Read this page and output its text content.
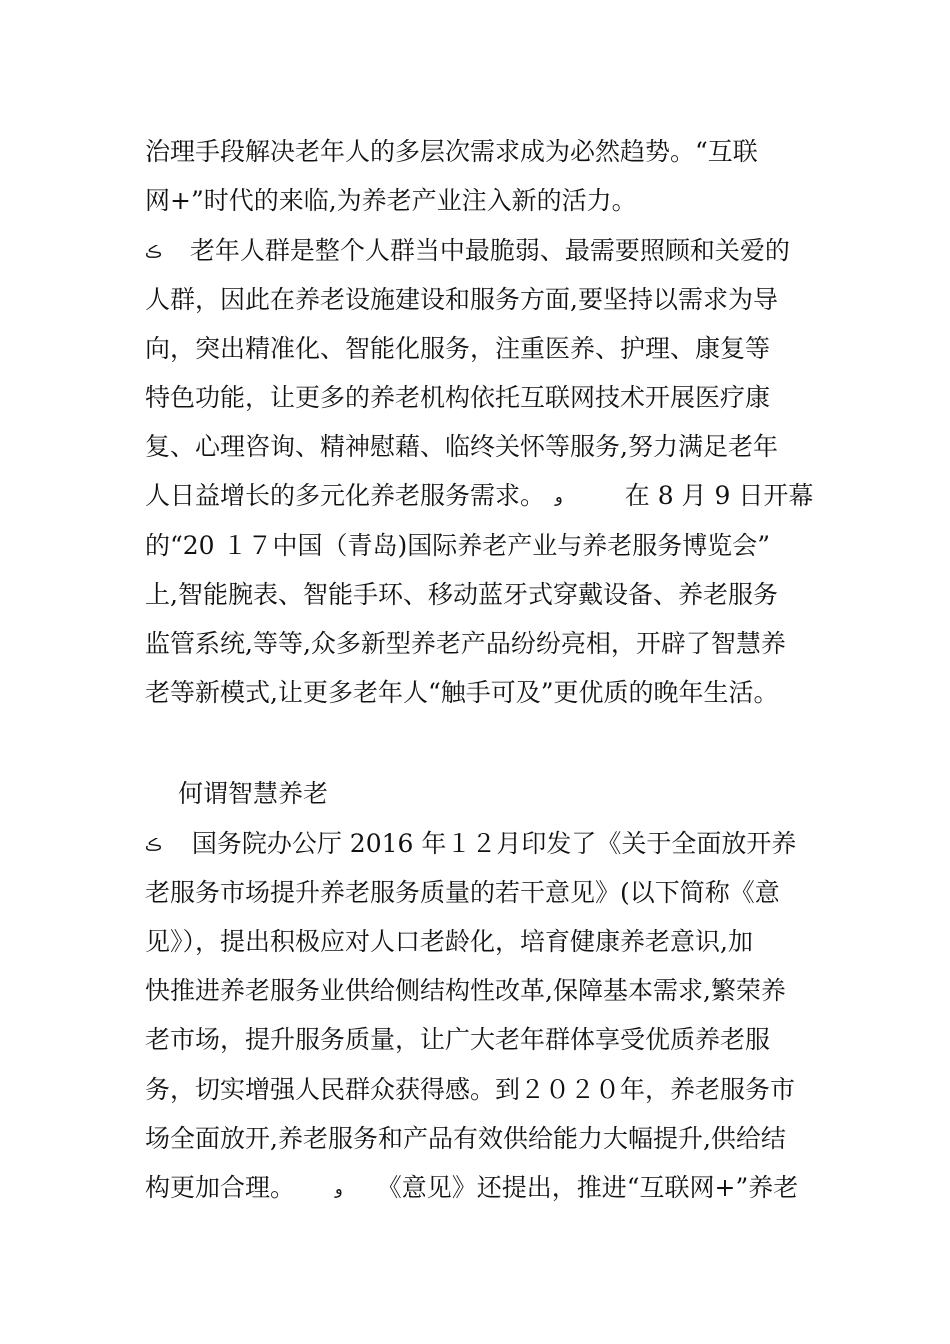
治理手段解决老年人的多层次需求成为必然趋势。“互联
网+”时代的来临,为养老产业注入新的活力。
ڪ 老年人群是整个人群当中最脆弱、最需要照顾和关爱的
人群，因此在养老设施建设和服务方面,要坚持以需求为导
向，突出精准化、智能化服务，注重医养、护理、康复等
特色功能，让更多的养老机构依托互联网技术开展医疗康
复、心理咨询、精神慰藉、临终关怀等服务,努力满足老年
人日益增长的多元化养老服务需求。 و 在 8 月 9 日开幕
的“20 １７中国（青岛)国际养老产业与养老服务博览会”
上,智能腕表、智能手环、移动蓝牙式穿戴设备、养老服务
监管系统,等等,众多新型养老产品纷纷亮相，开辟了智慧养
老等新模式,让更多老年人“触手可及”更优质的晚年生活。
何谓智慧养老
ڪ 国务院办公厅 2016 年１２月印发了《关于全面放开养
老服务市场提升养老服务质量的若干意见》(以下简称《意
见》），提出积极应对人口老龄化，培育健康养老意识,加
快推进养老服务业供给侧结构性改革,保障基本需求,繁荣养
老市场，提升服务质量，让广大老年群体享受优质养老服
务，切实增强人民群众获得感。到２０２０年，养老服务市
场全面放开,养老服务和产品有效供给能力大幅提升,供给结
构更加合理。	و 《意见》还提出，推进“互联网+”养老
